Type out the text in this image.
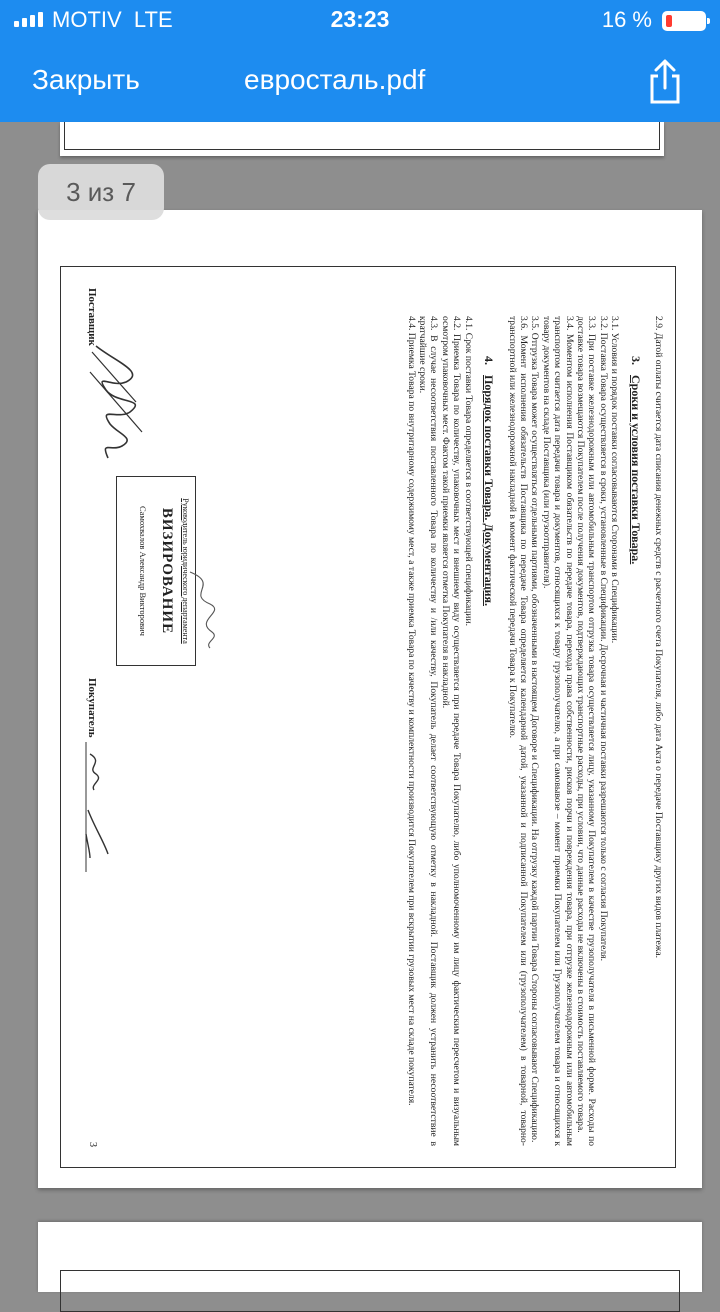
MOTIV LTE	23:23	16 %
Закрыть	евросталь.pdf

2.9. Датой оплаты считается дата списания денежных средств с расчетного счета Покупателя, либо дата Акта о передаче Поставщику других видов платежа.

3.Сроки и условия поставки Товара.

3.1. Условия и порядок поставки согласовываются Сторонами в Спецификации.

3.2. Поставка Товара осуществляется в сроки, установленные в Спецификации. Досрочная и частичная поставки разрешаются только с согласия Покупателя.

3.3. При поставке железнодорожным или автомобильным транспортом отгрузка товара осуществляется лицу, указанному Покупателем в качестве грузополучателя в письменной форме. Расходы по доставке товара возмещаются Покупателем после получения документов, подтверждающих транспортные расходы, при условии, что данные расходы не включены в стоимость поставляемого товара.

3.4. Моментом исполнения Поставщиком обязательств по передаче товара, перехода права собственности, рисков порчи и повреждения товара, при отгрузке железнодорожным или автомобильным транспортом считается дата передачи товара и документов, относящихся к товару грузополучателю, а при самовывозе – момент приемки Покупателем или Грузополучателем товара и относящихся к товару документов на складе Поставщика (или грузоотправителя).

3.5. Отгрузка Товара может осуществляться отдельными партиями, обозначенными в настоящем Договоре и Спецификации. На отгрузку каждой партии Товара Стороны согласовывают Спецификацию.

3.6. Момент исполнения обязательств Поставщика по передаче Товара определяется календарной датой, указанной и подписанной Покупателем или (грузополучателем) в товарной, товарно-транспортной или железнодорожной накладной в момент фактической передачи Товара к Покупателю.

4.Порядок поставки Товара. Документация.

4.1. Срок поставки Товара определяется в соответствующей спецификации.

4.2. Приемка Товара по количеству, упаковочных мест и внешнему виду осуществляется при передаче Товара Покупателю, либо уполномоченному им лицу фактическим пересчетом и визуальным осмотром упаковочных мест. Фактом такой приемки является отметка Покупателя в накладной.

4.3. В случае несоответствия поставленного Товара по количеству и /или качеству, Покупатель делает соответствующую отметку в накладной. Поставщик должен устранить несоответствие в кратчайшие сроки.

4.4. Приемка Товара по внутритарному содержимому мест, а также приемка Товара по качеству и комплектности производится Покупателем при вскрытии грузовых мест на складе покупателя.

Поставщик
Руководитель юридического департамента
ВИЗИРОВАНИЕ
Самохвалов Александр Викторович
Покупатель
3
3 из 7
